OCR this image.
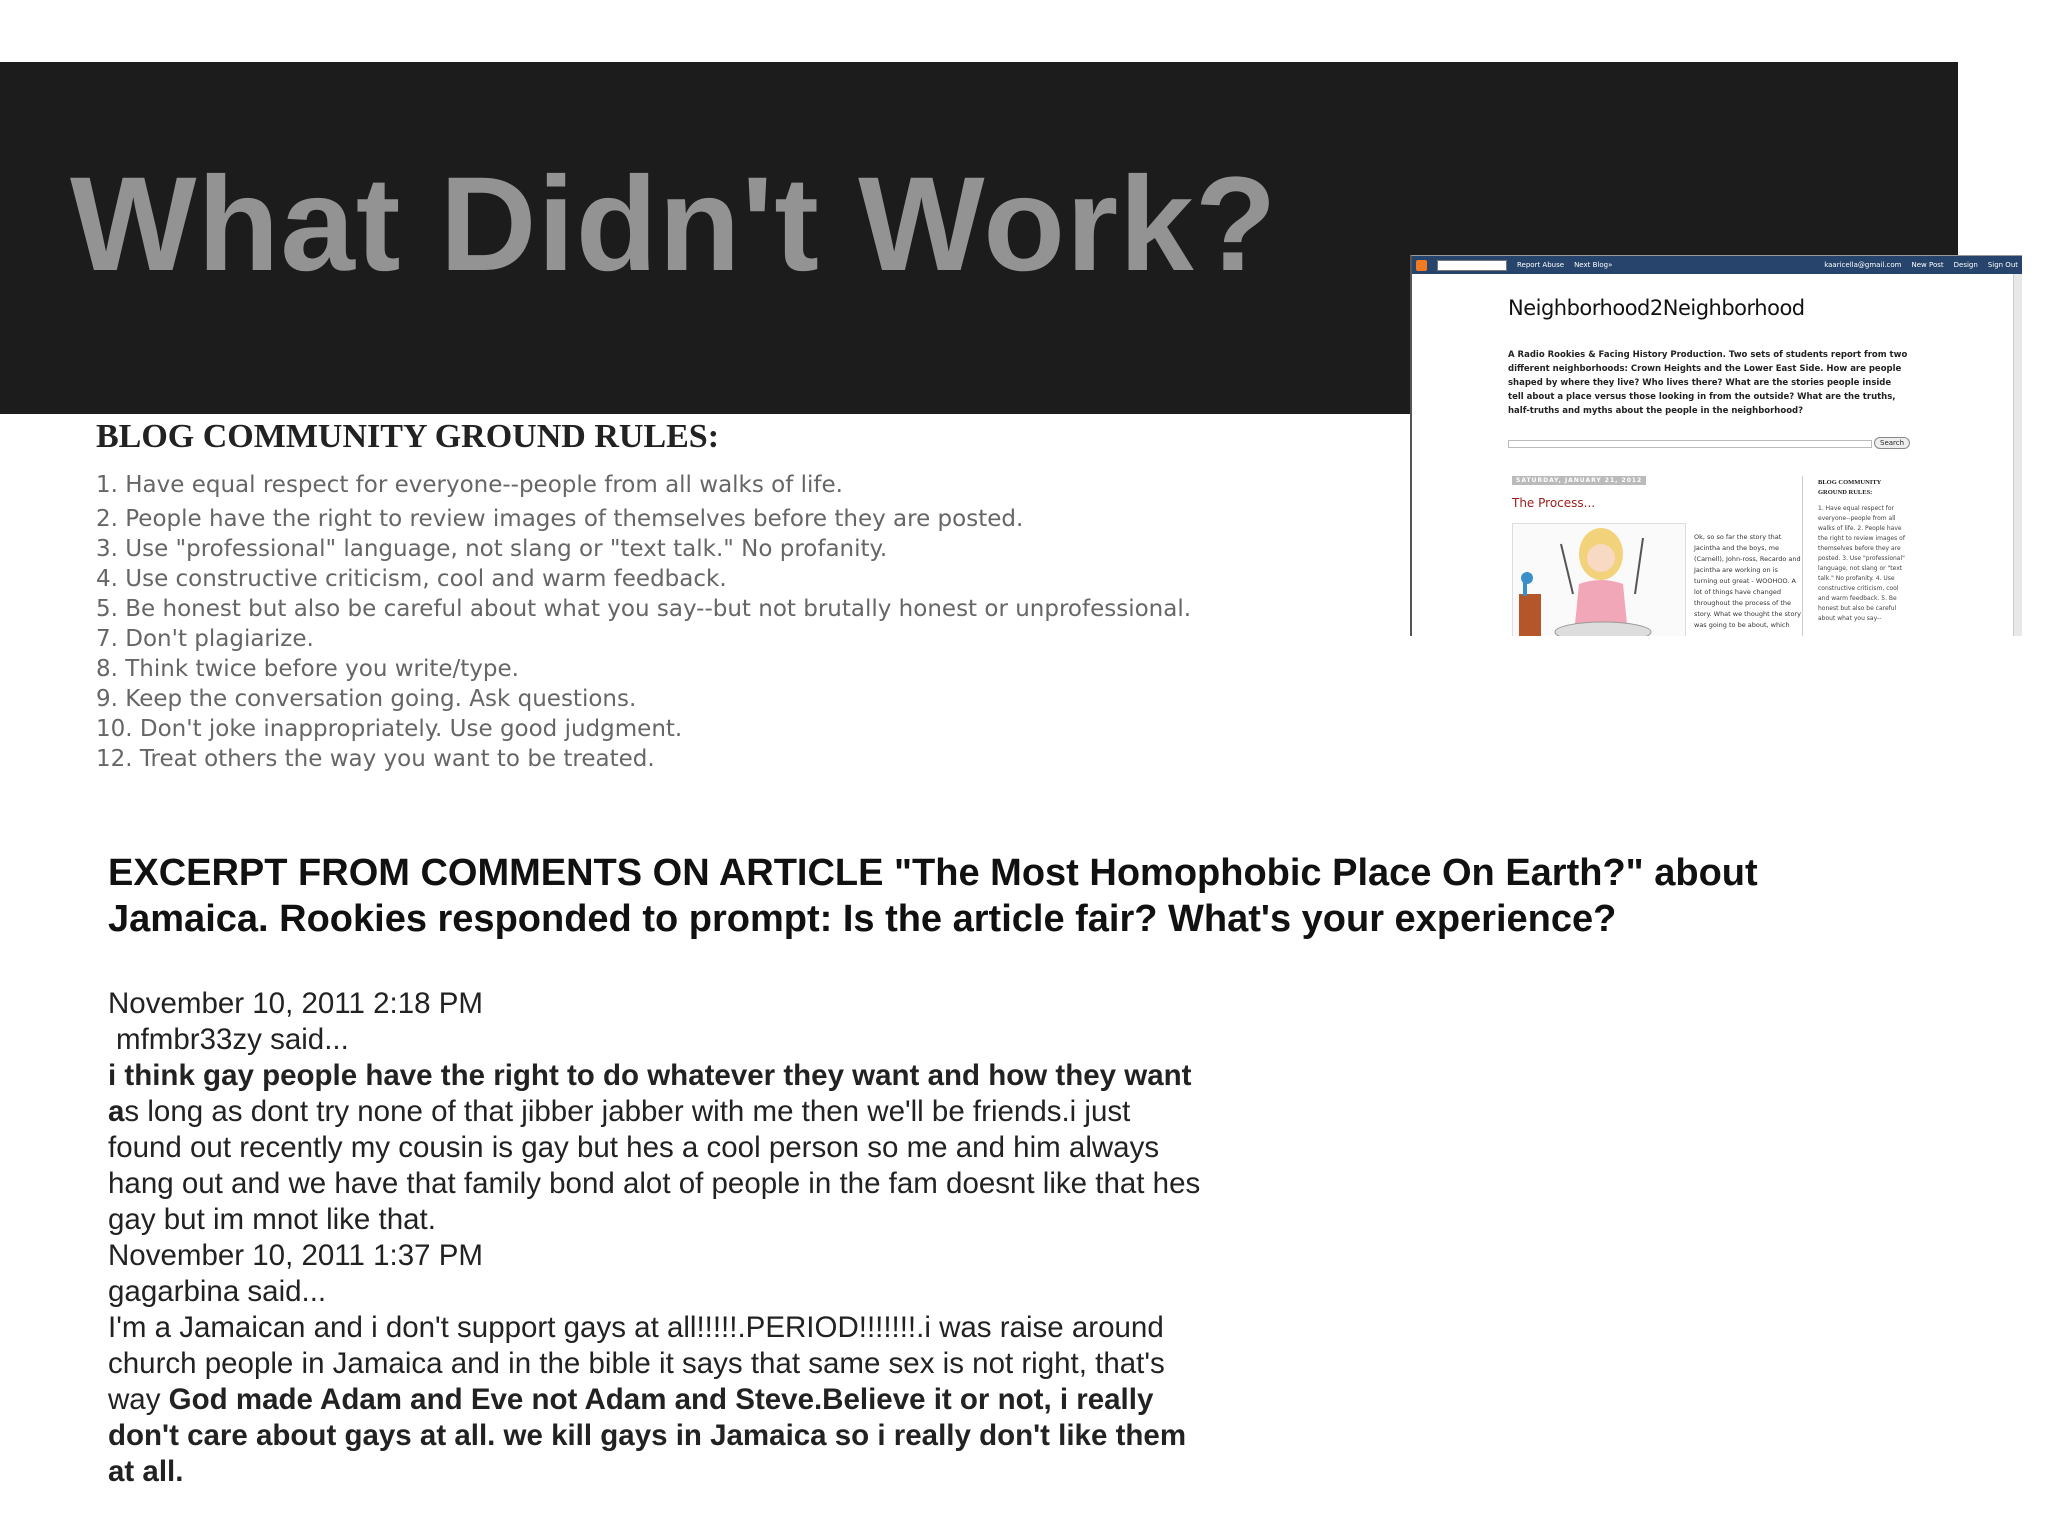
What Didn't Work?
BLOG COMMUNITY GROUND RULES:
1. Have equal respect for everyone--people from all walks of life.
2. People have the right to review images of themselves before they are posted.
3. Use "professional" language, not slang or "text talk." No profanity.
4. Use constructive criticism, cool and warm feedback.
5. Be honest but also be careful about what you say--but not brutally honest or unprofessional.
7. Don't plagiarize.
8. Think twice before you write/type.
9. Keep the conversation going. Ask questions.
10. Don't joke inappropriately. Use good judgment.
12. Treat others the way you want to be treated.
Report Abuse Next Blog»	kaaricella@gmail.com New Post Design Sign Out
Neighborhood2Neighborhood
A Radio Rookies & Facing History Production. Two sets of students report from two different neighborhoods: Crown Heights and the Lower East Side. How are people shaped by where they live? Who lives there? What are the stories people inside tell about a place versus those looking in from the outside? What are the truths, half-truths and myths about the people in the neighborhood?
Search
SATURDAY, JANUARY 21, 2012
The Process...
Ok, so so far the story that Jacintha and the boys, me (Carnell), John-ross, Recardo and Jacintha are working on is turning out great - WOOHOO. A lot of things have changed throughout the process of the story. What we thought the story was going to be about, which
BLOG COMMUNITY GROUND RULES:
1. Have equal respect for everyone--people from all walks of life. 2. People have the right to review images of themselves before they are posted. 3. Use "professional" language, not slang or "text talk." No profanity. 4. Use constructive criticism, cool and warm feedback. 5. Be honest but also be careful about what you say--
EXCERPT FROM COMMENTS ON ARTICLE "The Most Homophobic Place On Earth?" about Jamaica. Rookies responded to prompt: Is the article fair? What's your experience?

November 10, 2011 2:18 PM

mfmbr33zy said...

i think gay people have the right to do whatever they want and how they want as long as dont try none of that jibber jabber with me then we'll be friends.i just found out recently my cousin is gay but hes a cool person so me and him always hang out and we have that family bond alot of people in the fam doesnt like that hes gay but im mnot like that.

November 10, 2011 1:37 PM

gagarbina said...

I'm a Jamaican and i don't support gays at all!!!!!.PERIOD!!!!!!!.i was raise around church people in Jamaica and in the bible it says that same sex is not right, that's way God made Adam and Eve not Adam and Steve.Believe it or not, i really don't care about gays at all. we kill gays in Jamaica so i really don't like them at all.
